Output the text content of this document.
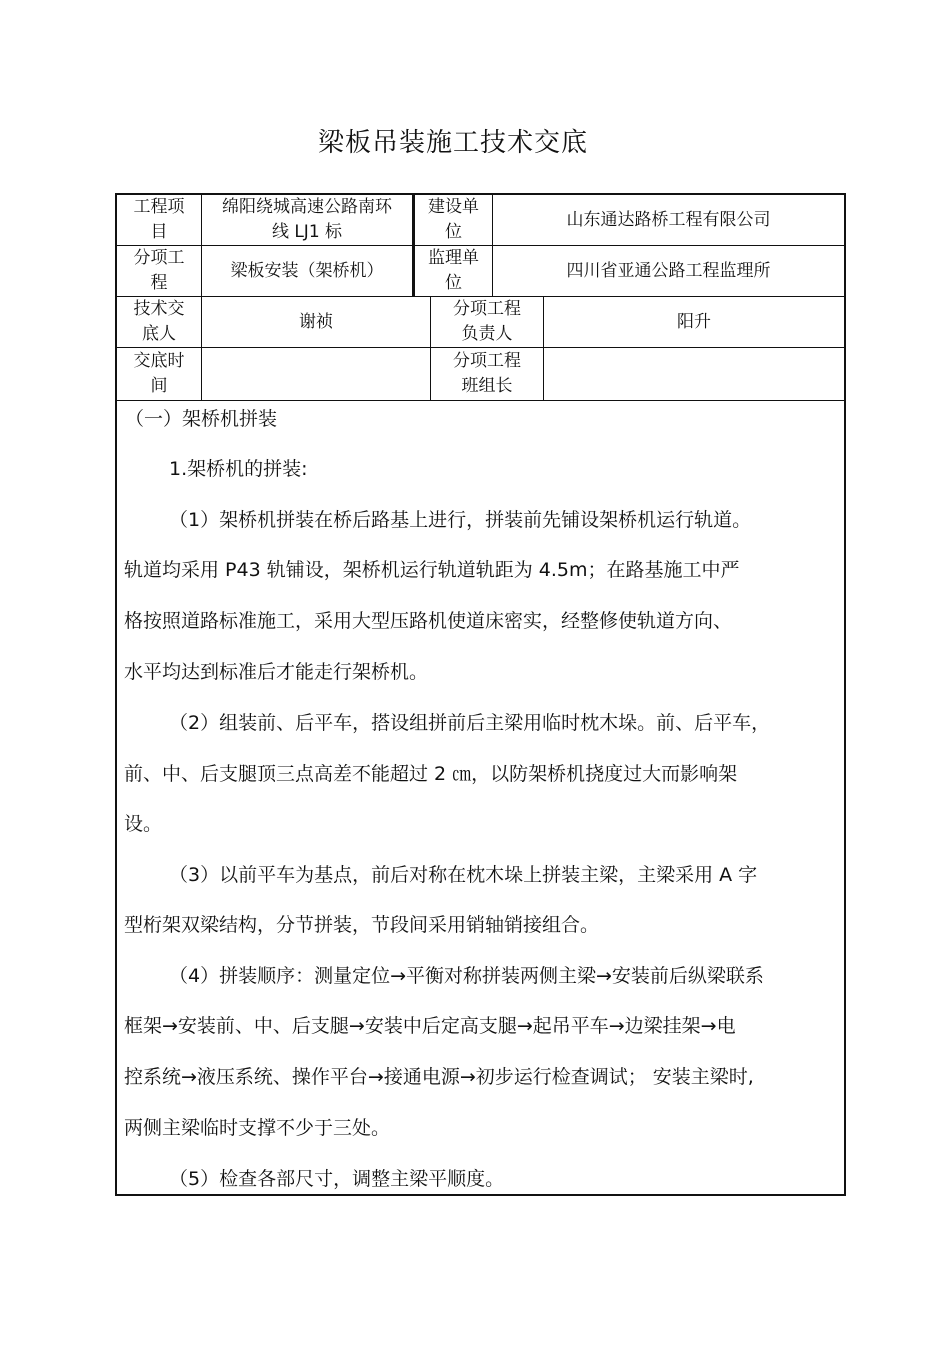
梁板吊装施工技术交底
工程项
目
绵阳绕城高速公路南环
线 LJ1 标
建设单
位
山东通达路桥工程有限公司
分项工
程
梁板安装（架桥机）
监理单
位
四川省亚通公路工程监理所
技术交
底人
谢祯
分项工程
负责人
阳升
交底时
间
分项工程
班组长
（一）架桥机拼装
1.架桥机的拼装:
（1）架桥机拼装在桥后路基上进行，拼装前先铺设架桥机运行轨道。
轨道均采用 P43 轨铺设，架桥机运行轨道轨距为 4.5m；在路基施工中严
格按照道路标准施工，采用大型压路机使道床密实，经整修使轨道方向、
水平均达到标准后才能走行架桥机。
（2）组装前、后平车，搭设组拼前后主梁用临时枕木垛。前、后平车，
前、中、后支腿顶三点高差不能超过 2 ㎝，以防架桥机挠度过大而影响架
设。
（3）以前平车为基点，前后对称在枕木垛上拼装主梁，主梁采用 A 字
型桁架双梁结构，分节拼装，节段间采用销轴销接组合。
（4）拼装顺序：测量定位→平衡对称拼装两侧主梁→安装前后纵梁联系
框架→安装前、中、后支腿→安装中后定高支腿→起吊平车→边梁挂架→电
控系统→液压系统、操作平台→接通电源→初步运行检查调试； 安装主梁时,
两侧主梁临时支撑不少于三处。
（5）检查各部尺寸，调整主梁平顺度。
